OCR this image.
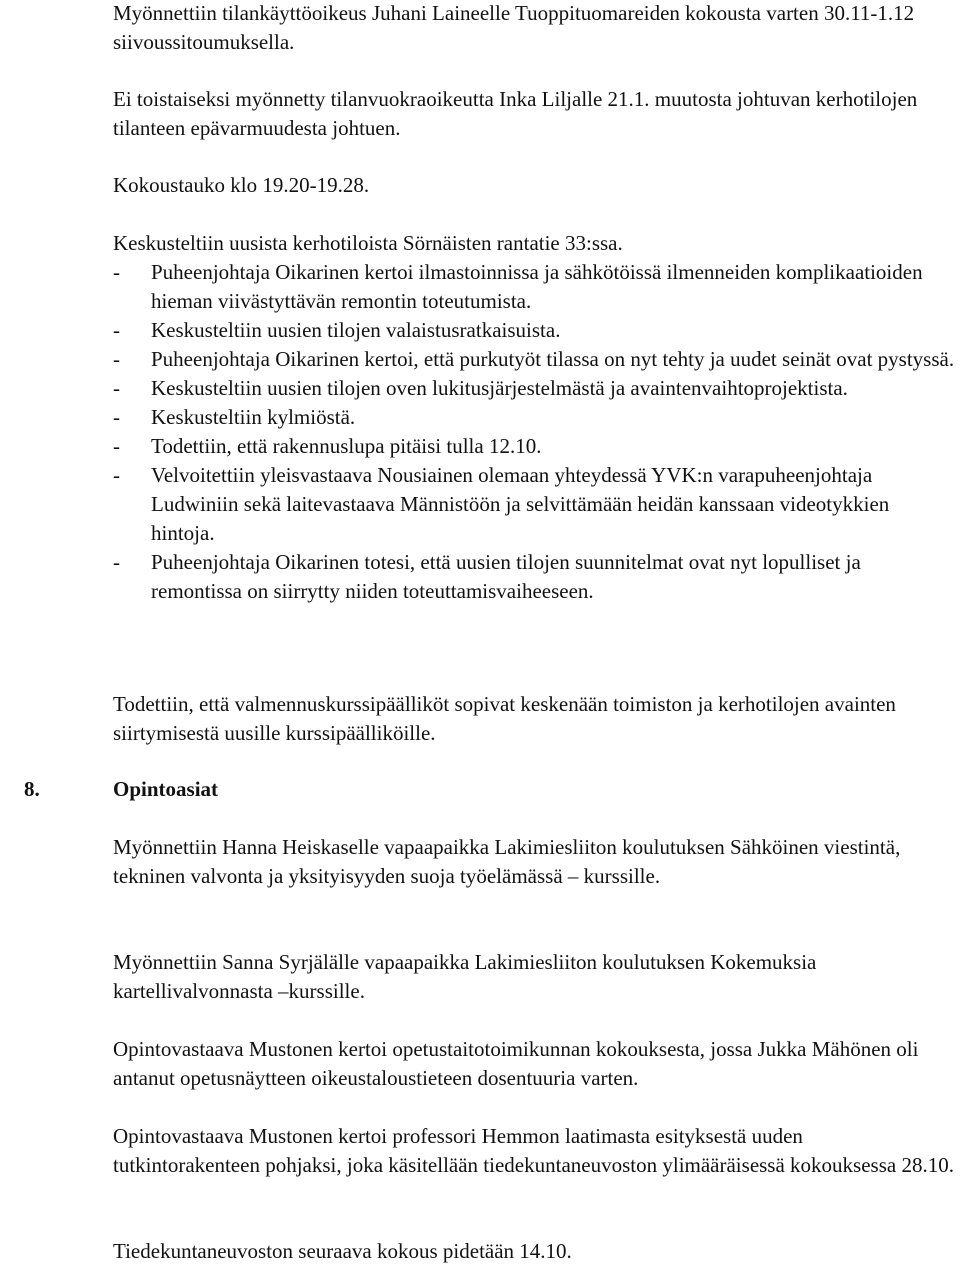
Myönnettiin tilankäyttöoikeus Juhani Laineelle Tuoppituomareiden kokousta varten 30.11-1.12 siivoussitoumuksella.

Ei toistaiseksi myönnetty tilanvuokraoikeutta Inka Liljalle 21.1. muutosta johtuvan kerhotilojen tilanteen epävarmuudesta johtuen.

Kokoustauko klo 19.20-19.28.

Keskusteltiin uusista kerhotiloista Sörnäisten rantatie 33:ssa.

- Puheenjohtaja Oikarinen kertoi ilmastoinnissa ja sähkötöissä ilmenneiden komplikaatioiden hieman viivästyttävän remontin toteutumista.
- Keskusteltiin uusien tilojen valaistusratkaisuista.
- Puheenjohtaja Oikarinen kertoi, että purkutyöt tilassa on nyt tehty ja uudet seinät ovat pystyssä.
- Keskusteltiin uusien tilojen oven lukitusjärjestelmästä ja avaintenvaihtoprojektista.
- Keskusteltiin kylmiöstä.
- Todettiin, että rakennuslupa pitäisi tulla 12.10.
- Velvoitettiin yleisvastaava Nousiainen olemaan yhteydessä YVK:n varapuheenjohtaja Ludwiniin sekä laitevastaava Männistöön ja selvittämään heidän kanssaan videotykkien hintoja.
- Puheenjohtaja Oikarinen totesi, että uusien tilojen suunnitelmat ovat nyt lopulliset ja remontissa on siirrytty niiden toteuttamisvaiheeseen.

Todettiin, että valmennuskurssipäälliköt sopivat keskenään toimiston ja kerhotilojen avainten siirtymisestä uusille kurssipäälliköille.

8.	Opintoasiat

Myönnettiin Hanna Heiskaselle vapaapaikka Lakimiesliiton koulutuksen Sähköinen viestintä, tekninen valvonta ja yksityisyyden suoja työelämässä – kurssille.

Myönnettiin Sanna Syrjälälle vapaapaikka Lakimiesliiton koulutuksen Kokemuksia kartellivalvonnasta –kurssille.

Opintovastaava Mustonen kertoi opetustaitotoimikunnan kokouksesta, jossa Jukka Mähönen oli antanut opetusnäytteen oikeustaloustieteen dosentuuria varten.

Opintovastaava Mustonen kertoi professori Hemmon laatimasta esityksestä uuden tutkintorakenteen pohjaksi, joka käsitellään tiedekuntaneuvoston ylimääräisessä kokouksessa 28.10.

Tiedekuntaneuvoston seuraava kokous pidetään 14.10.
